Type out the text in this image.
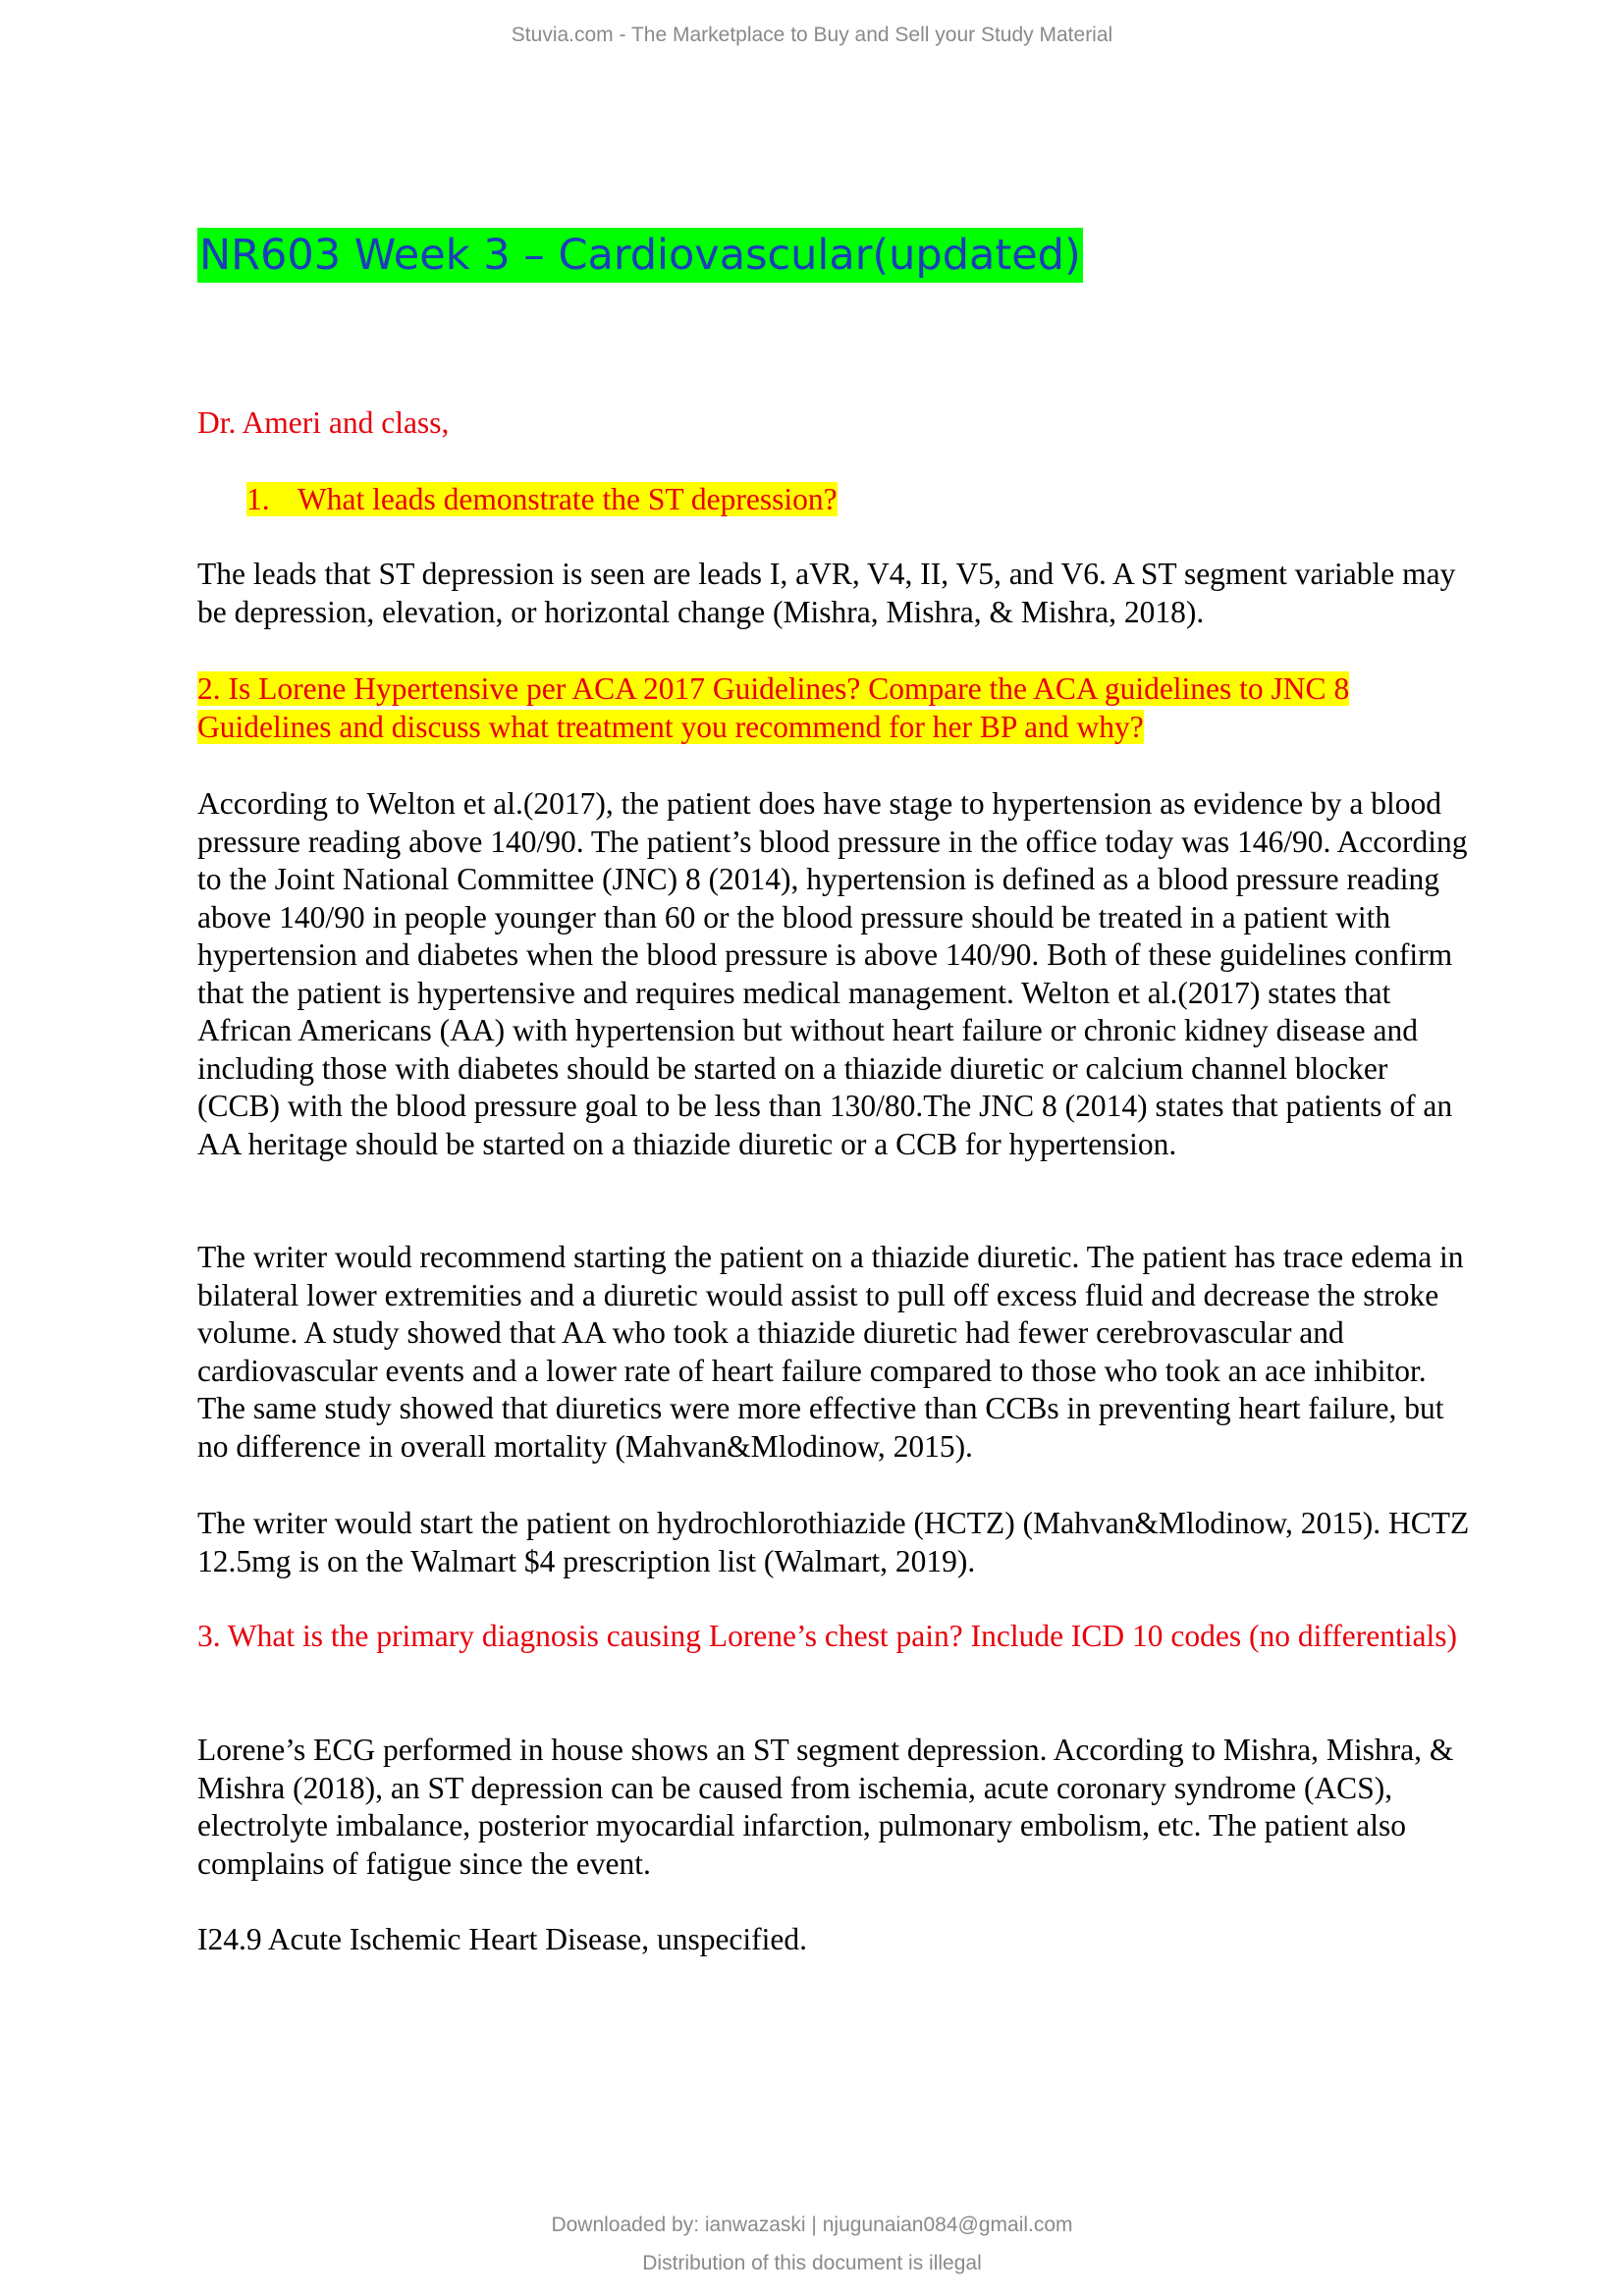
Stuvia.com - The Marketplace to Buy and Sell your Study Material
NR603 Week 3 – Cardiovascular(updated)

Dr. Ameri and class,

1. What leads demonstrate the ST depression?

The leads that ST depression is seen are leads I, aVR, V4, II, V5, and V6. A ST segment variable may be depression, elevation, or horizontal change (Mishra, Mishra, & Mishra, 2018).

2. Is Lorene Hypertensive per ACA 2017 Guidelines? Compare the ACA guidelines to JNC 8
Guidelines and discuss what treatment you recommend for her BP and why?

According to Welton et al.(2017), the patient does have stage to hypertension as evidence by a blood pressure reading above 140/90. The patient’s blood pressure in the office today was 146/90. According to the Joint National Committee (JNC) 8 (2014), hypertension is defined as a blood pressure reading above 140/90 in people younger than 60 or the blood pressure should be treated in a patient with hypertension and diabetes when the blood pressure is above 140/90. Both of these guidelines confirm that the patient is hypertensive and requires medical management. Welton et al.(2017) states that African Americans (AA) with hypertension but without heart failure or chronic kidney disease and including those with diabetes should be started on a thiazide diuretic or calcium channel blocker (CCB) with the blood pressure goal to be less than 130/80.The JNC 8 (2014) states that patients of an AA heritage should be started on a thiazide diuretic or a CCB for hypertension.

The writer would recommend starting the patient on a thiazide diuretic. The patient has trace edema in bilateral lower extremities and a diuretic would assist to pull off excess fluid and decrease the stroke volume. A study showed that AA who took a thiazide diuretic had fewer cerebrovascular and cardiovascular events and a lower rate of heart failure compared to those who took an ace inhibitor. The same study showed that diuretics were more effective than CCBs in preventing heart failure, but no difference in overall mortality (Mahvan&Mlodinow, 2015).

The writer would start the patient on hydrochlorothiazide (HCTZ) (Mahvan&Mlodinow, 2015). HCTZ 12.5mg is on the Walmart $4 prescription list (Walmart, 2019).

3. What is the primary diagnosis causing Lorene’s chest pain? Include ICD 10 codes (no differentials)

Lorene’s ECG performed in house shows an ST segment depression. According to Mishra, Mishra, & Mishra (2018), an ST depression can be caused from ischemia, acute coronary syndrome (ACS), electrolyte imbalance, posterior myocardial infarction, pulmonary embolism, etc. The patient also complains of fatigue since the event.

I24.9 Acute Ischemic Heart Disease, unspecified.

Downloaded by: ianwazaski | njugunaian084@gmail.com
Distribution of this document is illegal
